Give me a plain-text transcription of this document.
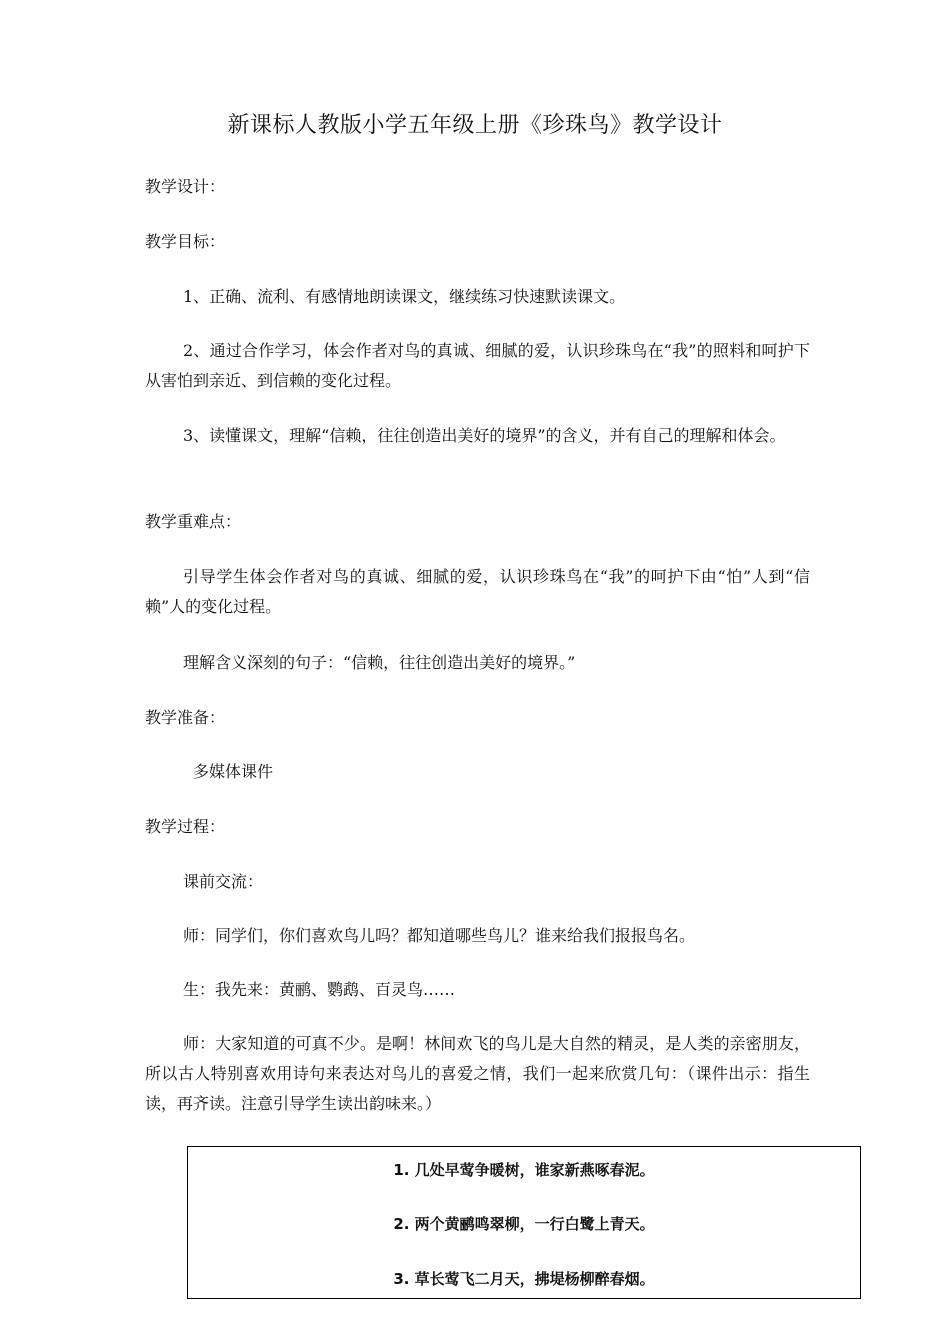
新课标人教版小学五年级上册《珍珠鸟》教学设计
教学设计：
教学目标：
1、正确、流利、有感情地朗读课文，继续练习快速默读课文。
2、通过合作学习，体会作者对鸟的真诚、细腻的爱，认识珍珠鸟在“我”的照料和呵护下从害怕到亲近、到信赖的变化过程。
3、读懂课文，理解“信赖，往往创造出美好的境界”的含义，并有自己的理解和体会。
教学重难点：
引导学生体会作者对鸟的真诚、细腻的爱，认识珍珠鸟在“我”的呵护下由“怕”人到“信赖”人的变化过程。
理解含义深刻的句子：“信赖，往往创造出美好的境界。”
教学准备：
多媒体课件
教学过程：
课前交流：
师：同学们，你们喜欢鸟儿吗？都知道哪些鸟儿？谁来给我们报报鸟名。
生：我先来：黄鹂、鹦鹉、百灵鸟……
师：大家知道的可真不少。是啊！林间欢飞的鸟儿是大自然的精灵，是人类的亲密朋友，所以古人特别喜欢用诗句来表达对鸟儿的喜爱之情，我们一起来欣赏几句：（课件出示：指生读，再齐读。注意引导学生读出韵味来。）
1. 几处早莺争暖树，谁家新燕啄春泥。
2. 两个黄鹂鸣翠柳，一行白鹭上青天。
3. 草长莺飞二月天，拂堤杨柳醉春烟。
